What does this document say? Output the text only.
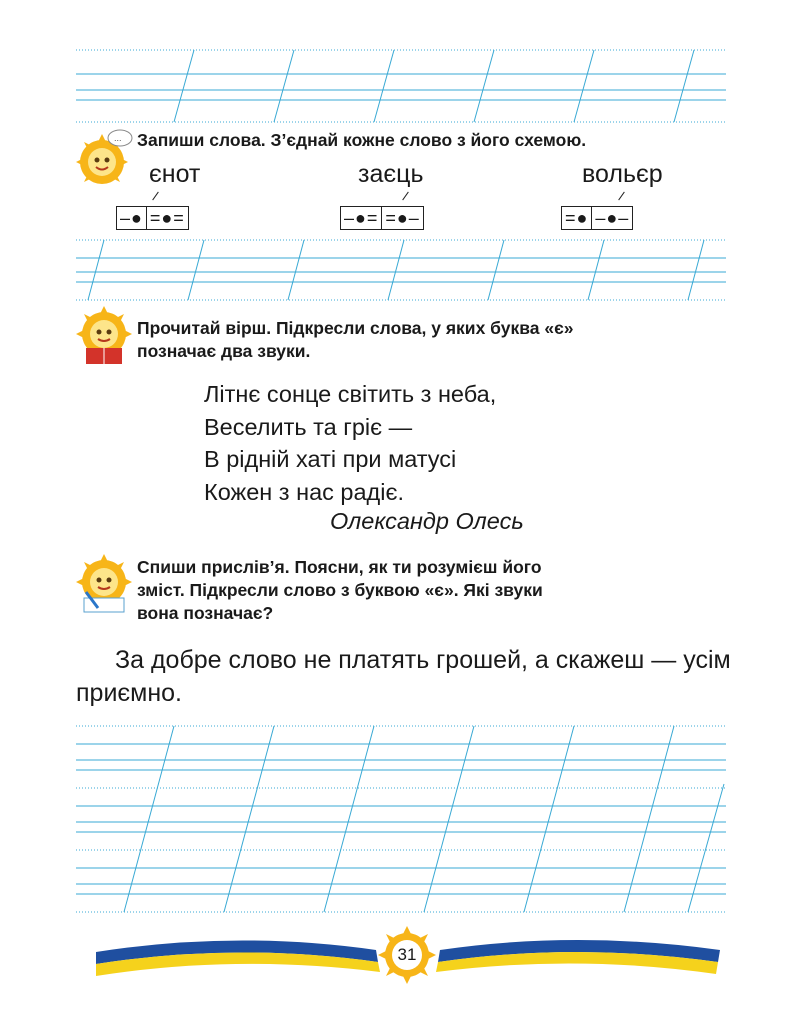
... Запиши слова. З’єднай кожне слово з його схемою.
єнот	заєць	вольєр
–● =●=	–●= =●–	=● –●–
Прочитай вірш. Підкресли слова, у яких буква «є»
позначає два звуки.
Літнє сонце світить з неба,
Веселить та гріє —
В рідній хаті при матусі
Кожен з нас радіє.
Олександр Олесь
Спиши прислів’я. Поясни, як ти розумієш його
зміст. Підкресли слово з буквою «є». Які звуки
вона позначає?
За добре слово не платять грошей, а скажеш — усім приємно.
31
